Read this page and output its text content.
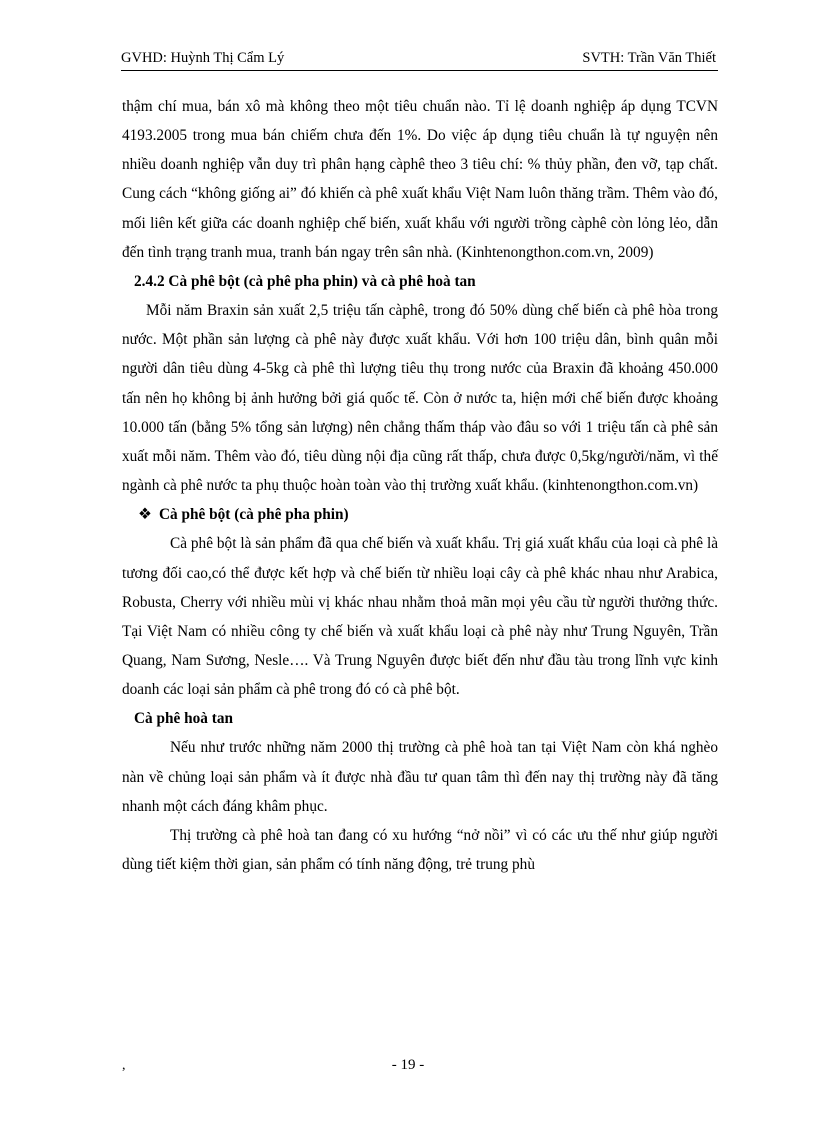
GVHD: Huỳnh Thị Cẩm Lý	SVTH: Trần Văn Thiết

thậm chí mua, bán xô mà không theo một tiêu chuẩn nào. Tỉ lệ doanh nghiệp áp dụng TCVN 4193.2005 trong mua bán chiếm chưa đến 1%. Do việc áp dụng tiêu chuẩn là tự nguyện nên nhiều doanh nghiệp vẫn duy trì phân hạng càphê theo 3 tiêu chí: % thủy phần, đen vỡ, tạp chất. Cung cách “không giống ai” đó khiến cà phê xuất khẩu Việt Nam luôn thăng trầm. Thêm vào đó, mối liên kết giữa các doanh nghiệp chế biến, xuất khẩu với người trồng càphê còn lỏng lẻo, dẫn đến tình trạng tranh mua, tranh bán ngay trên sân nhà. (Kinhtenongthon.com.vn, 2009)

2.4.2 Cà phê bột (cà phê pha phin) và cà phê hoà tan

Mỗi năm Braxin sản xuất 2,5 triệu tấn càphê, trong đó 50% dùng chế biến cà phê hòa trong nước. Một phần sản lượng cà phê này được xuất khẩu. Với hơn 100 triệu dân, bình quân mỗi người dân tiêu dùng 4-5kg cà phê thì lượng tiêu thụ trong nước của Braxin đã khoảng 450.000 tấn nên họ không bị ảnh hưởng bởi giá quốc tế. Còn ở nước ta, hiện mới chế biến được khoảng 10.000 tấn (bằng 5% tổng sản lượng) nên chẳng thấm tháp vào đâu so với 1 triệu tấn cà phê sản xuất mỗi năm. Thêm vào đó, tiêu dùng nội địa cũng rất thấp, chưa được 0,5kg/người/năm, vì thế ngành cà phê nước ta phụ thuộc hoàn toàn vào thị trường xuất khẩu. (kinhtenongthon.com.vn)

❖ Cà phê bột (cà phê pha phin)

Cà phê bột là sản phẩm đã qua chế biến và xuất khẩu. Trị giá xuất khẩu của loại cà phê là tương đối cao,có thể được kết hợp và chế biến từ nhiều loại cây cà phê khác nhau như Arabica, Robusta, Cherry với nhiều mùi vị khác nhau nhằm thoả mãn mọi yêu cầu từ người thưởng thức. Tại Việt Nam có nhiều công ty chế biến và xuất khẩu loại cà phê này như Trung Nguyên, Trần Quang, Nam Sương, Nesle…. Và Trung Nguyên được biết đến như đầu tàu trong lĩnh vực kinh doanh các loại sản phẩm cà phê trong đó có cà phê bột.

Cà phê hoà tan

Nếu như trước những năm 2000 thị trường cà phê hoà tan tại Việt Nam còn khá nghèo nàn về chủng loại sản phẩm và ít được nhà đầu tư quan tâm thì đến nay thị trường này đã tăng nhanh một cách đáng khâm phục.

Thị trường cà phê hoà tan đang có xu hướng “nở nồi” vì có các ưu thế như giúp người dùng tiết kiệm thời gian, sản phẩm có tính năng động, trẻ trung phù

,	- 19 -
